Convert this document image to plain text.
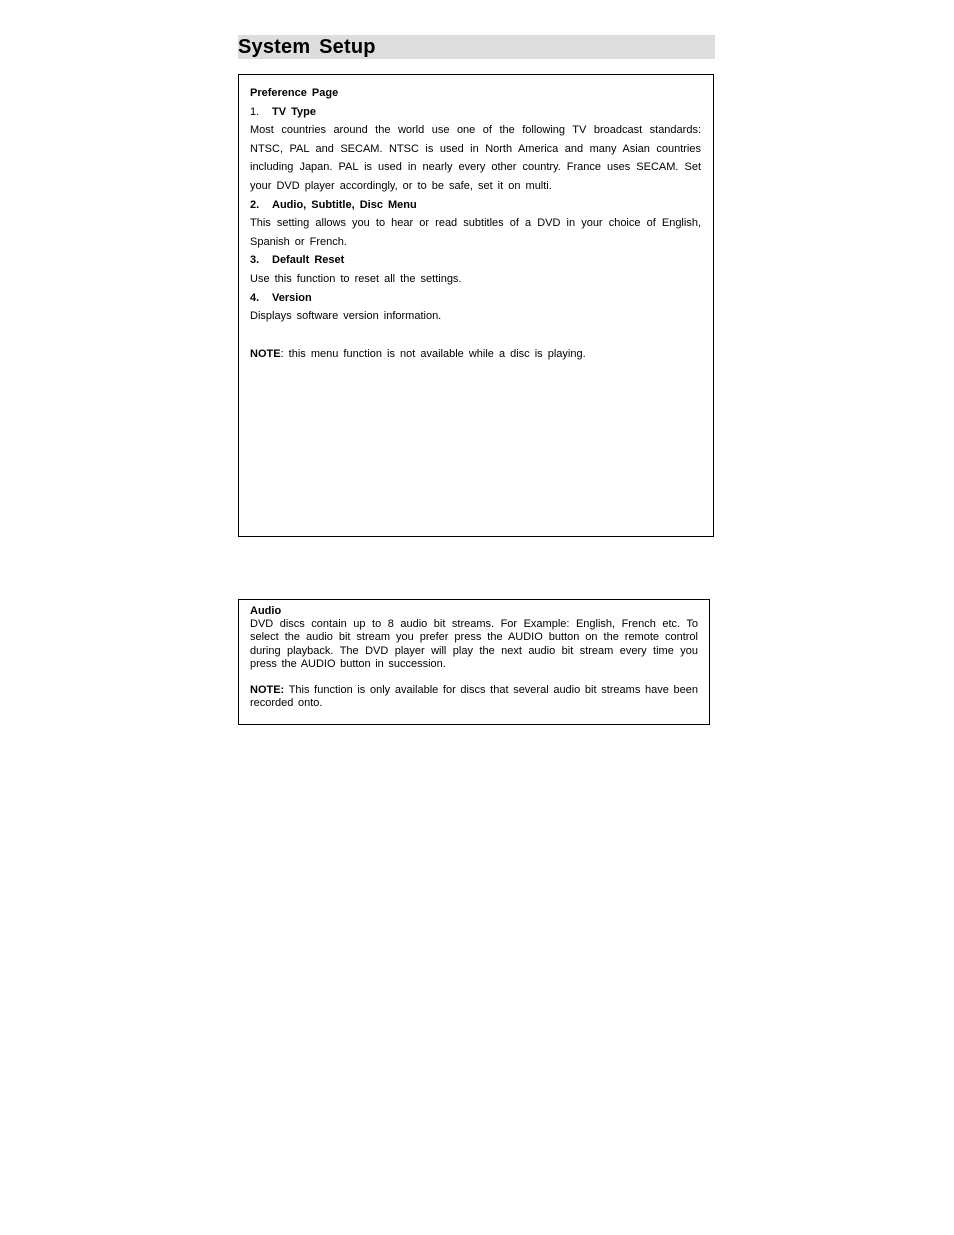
System Setup
Preference Page
1. TV Type
Most countries around the world use one of the following TV broadcast standards: NTSC, PAL and SECAM. NTSC is used in North America and many Asian countries including Japan. PAL is used in nearly every other country. France uses SECAM. Set your DVD player accordingly, or to be safe, set it on multi.
2. Audio, Subtitle, Disc Menu
This setting allows you to hear or read subtitles of a DVD in your choice of English, Spanish or French.
3. Default Reset
Use this function to reset all the settings.
4. Version
Displays software version information.
NOTE: this menu function is not available while a disc is playing.
Audio
DVD discs contain up to 8 audio bit streams. For Example: English, French etc. To select the audio bit stream you prefer press the AUDIO button on the remote control during playback. The DVD player will play the next audio bit stream every time you press the AUDIO button in succession.
NOTE: This function is only available for discs that several audio bit streams have been recorded onto.
